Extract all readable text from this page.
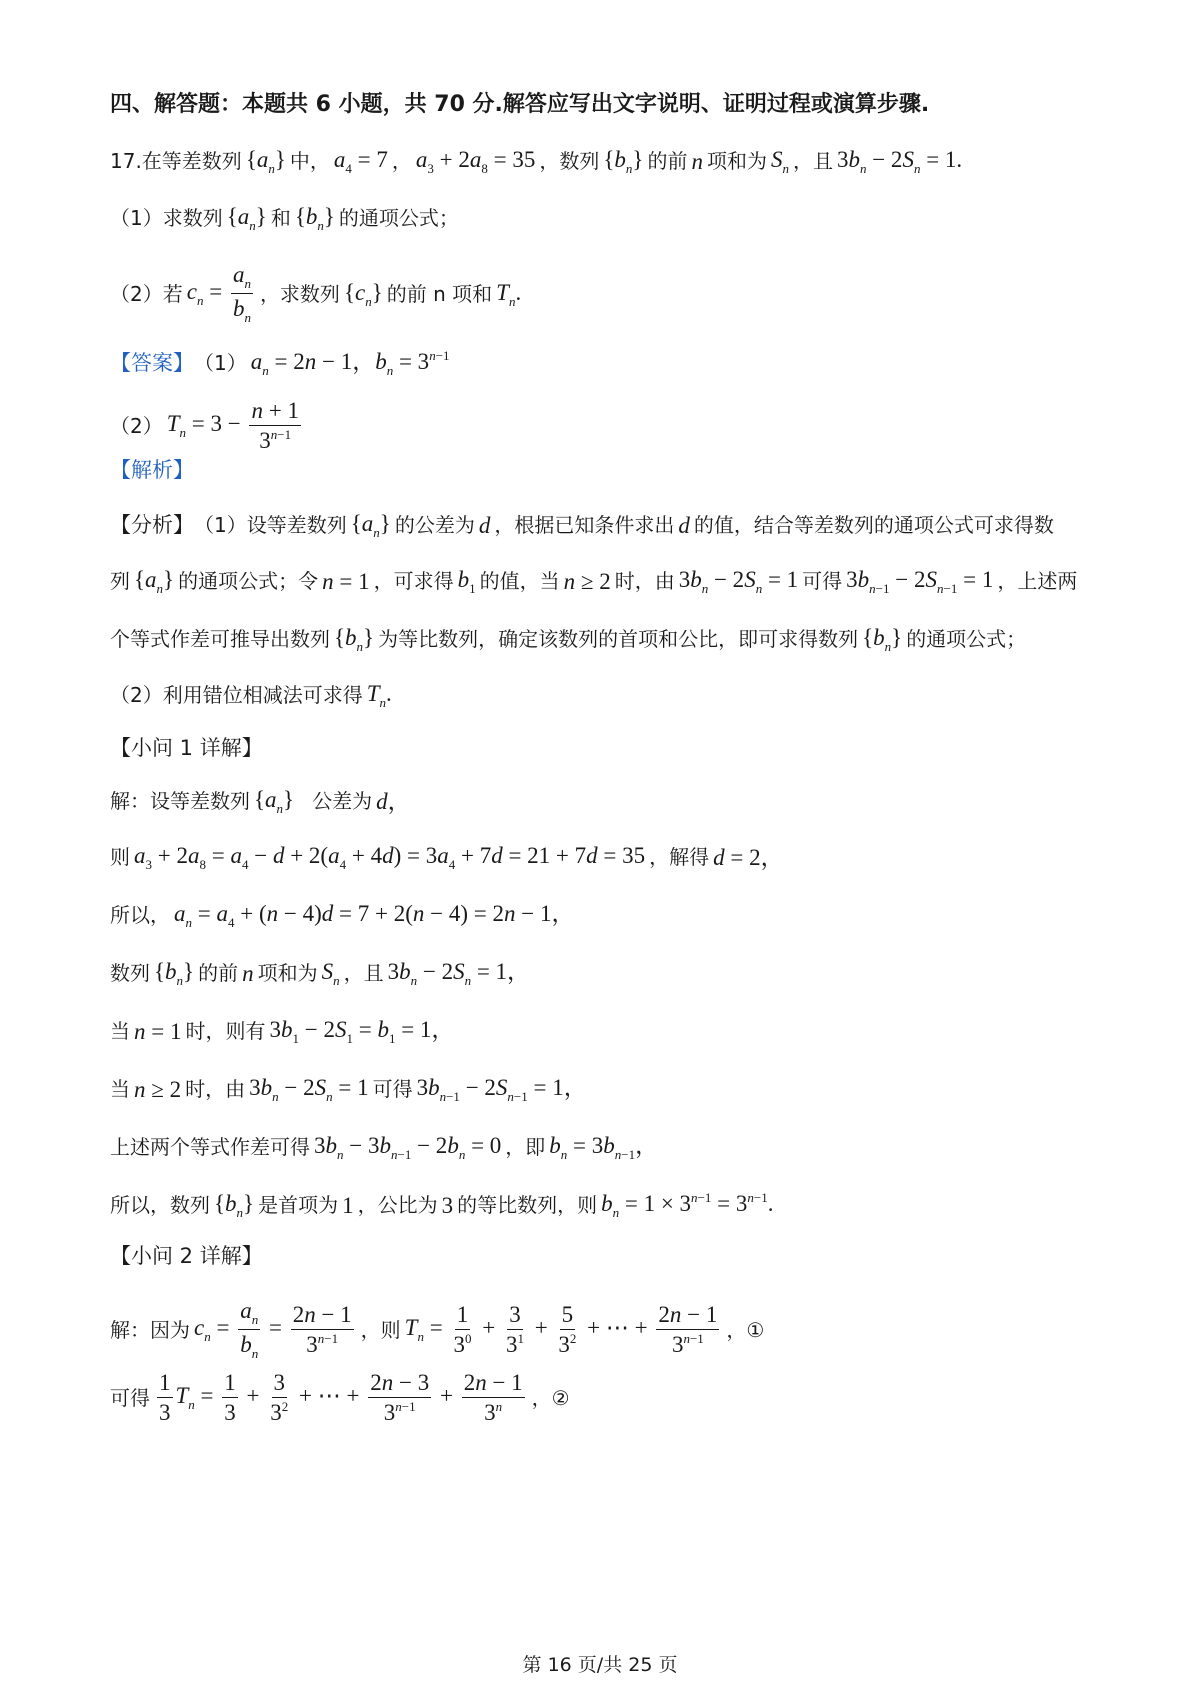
四、解答题：本题共 6 小题，共 70 分.解答应写出文字说明、证明过程或演算步骤.
17. 在等差数列 $\{a_n\}$ 中， $a_4 = 7$ ， $a_3 + 2a_8 = 35$ ， 数列 $\{b_n\}$ 的前 n 项和为 $S_n$ ，且 $3b_n - 2S_n = 1$.
（1）求数列 $\{a_n\}$ 和 $\{b_n\}$ 的通项公式；
（2）若 $c_n = \frac{a_n}{b_n}$ ，求数列 $\{c_n\}$ 的前 n 项和 $T_n$.
【答案】 （1） $a_n = 2n - 1$，$b_n = 3^{n-1}$
（2） $T_n = 3 - \frac{n + 1}{3^{n-1}}$
【解析】
【分析】 （1）设等差数列 $\{a_n\}$ 的公差为 d ，根据已知条件求出 d 的值，结合等差数列的通项公式可求得数
列 $\{a_n\}$ 的通项公式；令 n = 1 ，可求得 $b_1$ 的值，当 n ≥ 2 时，由 $3b_n - 2S_n = 1$ 可得 $3b_{n-1} - 2S_{n-1} = 1$ ，上述两
个等式作差可推导出数列 $\{b_n\}$ 为等比数列，确定该数列的首项和公比，即可求得数列 $\{b_n\}$ 的通项公式；
（2）利用错位相减法可求得 $T_n$.
【小问 1 详解】
解：设等差数列 $\{a_n\}$ 公差为 d，
则 $a_3 + 2a_8 = a_4 - d + 2(a_4 + 4d) = 3a_4 + 7d = 21 + 7d = 35$ ，解得 d = 2，
所以， $a_n = a_4 + (n - 4)d = 7 + 2(n - 4) = 2n - 1$，
数列 $\{b_n\}$ 的前 n 项和为 $S_n$ ，且 $3b_n - 2S_n = 1$，
当 n = 1 时，则有 $3b_1 - 2S_1 = b_1 = 1$，
当 n ≥ 2 时，由 $3b_n - 2S_n = 1$ 可得 $3b_{n-1} - 2S_{n-1} = 1$，
上述两个等式作差可得 $3b_n - 3b_{n-1} - 2b_n = 0$ ，即 $b_n = 3b_{n-1}$，
所以，数列 $\{b_n\}$ 是首项为 1 ，公比为 3 的等比数列，则 $b_n = 1 \times 3^{n-1} = 3^{n-1}$.
【小问 2 详解】
解：因为 $c_n = \frac{a_n}{b_n} = \frac{2n - 1}{3^{n-1}}$ ，则 $T_n = \frac{1}{3^0} + \frac{3}{3^1} + \frac{5}{3^2}$ + ⋯ + $\frac{2n - 1}{3^{n-1}}$ ，①
可得 $\frac{1}{3} T_n = \frac{1}{3} + \frac{3}{3^2}$ + ⋯ + $\frac{2n - 3}{3^{n-1}} + \frac{2n - 1}{3^n}$ ，②
第 16 页/共 25 页
